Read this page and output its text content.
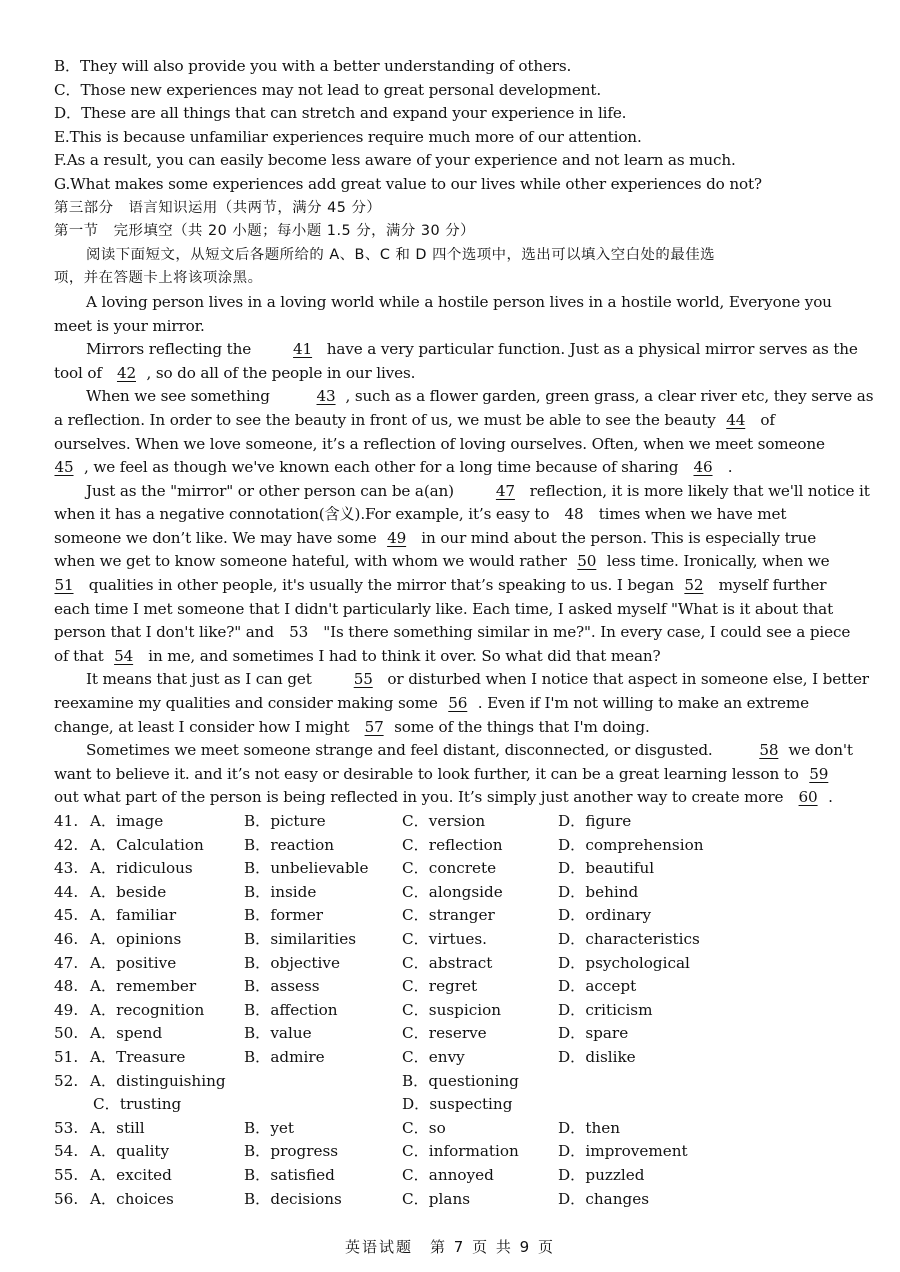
B．They will also provide you with a better understanding of others.
C．Those new experiences may not lead to great personal development.
D．These are all things that can stretch and expand your experience in life.
E.This is because unfamiliar experiences require much more of our attention.
F.As a result, you can easily become less aware of your experience and not learn as much.
G.What makes some experiences add great value to our lives while other experiences do not?
第三部分　语言知识运用（共两节，满分 45 分）
第一节　完形填空（共 20 小题；每小题 1.5 分，满分 30 分）
阅读下面短文，从短文后各题所给的 A、B、C 和 D 四个选项中，选出可以填入空白处的最佳选
项，并在答题卡上将该项涂黑。
A loving person lives in a loving world while a hostile person lives in a hostile world, Everyone you
meet is your mirror.
Mirrors reflecting the	41 have a very particular function. Just as a physical mirror serves as the
tool of 42 , so do all of the people in our lives.
When we see something	43 , such as a flower garden, green grass, a clear river etc, they serve as
a reflection. In order to see the beauty in front of us, we must be able to see the beauty 44 of
ourselves. When we love someone, it’s a reflection of loving ourselves. Often, when we meet someone
45 , we feel as though we've known each other for a long time because of sharing 46 .
Just as the "mirror" or other person can be a(an)	47 reflection, it is more likely that we'll notice it
when it has a negative connotation(含义).For example, it’s easy to 48 times when we have met
someone we don’t like. We may have some 49 in our mind about the person. This is especially true
when we get to know someone hateful, with whom we would rather 50 less time. Ironically, when we
51 qualities in other people, it's usually the mirror that’s speaking to us. I began 52 myself further
each time I met someone that I didn't particularly like. Each time, I asked myself "What is it about that
person that I don't like?" and 53 "Is there something similar in me?". In every case, I could see a piece
of that 54 in me, and sometimes I had to think it over. So what did that mean?
It means that just as I can get	55 or disturbed when I notice that aspect in someone else, I better
reexamine my qualities and consider making some 56 . Even if I'm not willing to make an extreme
change, at least I consider how I might 57 some of the things that I'm doing.
Sometimes we meet someone strange and feel distant, disconnected, or disgusted.	58 we don't
want to believe it. and it’s not easy or desirable to look further, it can be a great learning lesson to 59
out what part of the person is being reflected in you. It’s simply just another way to create more 60 .
41. A．image	B．picture	C．version	D．figure
42. A．Calculation	B．reaction	C．reflection	D．comprehension
43. A．ridiculous	B．unbelievable	C．concrete	D．beautiful
44. A．beside	B．inside	C．alongside	D．behind
45. A．familiar	B．former	C．stranger	D．ordinary
46. A．opinions	B．similarities	C．virtues.	D．characteristics
47. A．positive	B．objective	C．abstract	D．psychological
48. A．remember	B．assess	C．regret	D．accept
49. A．recognition	B．affection	C．suspicion	D．criticism
50. A．spend	B．value	C．reserve	D．spare
51. A．Treasure	B．admire	C．envy	D．dislike
52. A．distinguishing	B．questioning
 C．trusting	D．suspecting
53. A．still	B．yet	C．so	D．then
54. A．quality	B．progress	C．information	D．improvement
55. A．excited	B．satisfied	C．annoyed	D．puzzled
56. A．choices	B．decisions	C．plans	D．changes
英语试题　第 7 页 共 9 页
